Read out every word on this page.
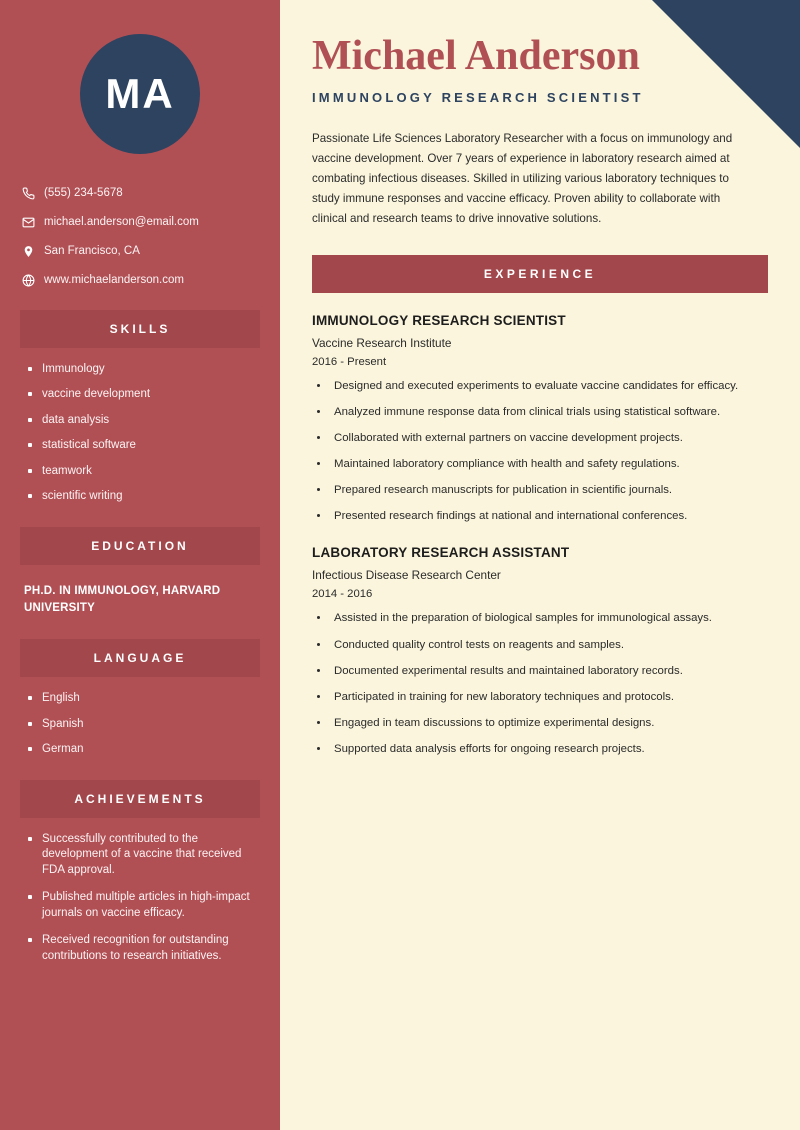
MA
(555) 234-5678
michael.anderson@email.com
San Francisco, CA
www.michaelanderson.com
SKILLS
Immunology
vaccine development
data analysis
statistical software
teamwork
scientific writing
EDUCATION
PH.D. IN IMMUNOLOGY, HARVARD UNIVERSITY
LANGUAGE
English
Spanish
German
ACHIEVEMENTS
Successfully contributed to the development of a vaccine that received FDA approval.
Published multiple articles in high-impact journals on vaccine efficacy.
Received recognition for outstanding contributions to research initiatives.
Michael Anderson
IMMUNOLOGY RESEARCH SCIENTIST

Passionate Life Sciences Laboratory Researcher with a focus on immunology and vaccine development. Over 7 years of experience in laboratory research aimed at combating infectious diseases. Skilled in utilizing various laboratory techniques to study immune responses and vaccine efficacy. Proven ability to collaborate with clinical and research teams to drive innovative solutions.

EXPERIENCE
IMMUNOLOGY RESEARCH SCIENTIST
Vaccine Research Institute
2016 - Present
• Designed and executed experiments to evaluate vaccine candidates for efficacy.
• Analyzed immune response data from clinical trials using statistical software.
• Collaborated with external partners on vaccine development projects.
• Maintained laboratory compliance with health and safety regulations.
• Prepared research manuscripts for publication in scientific journals.
• Presented research findings at national and international conferences.
LABORATORY RESEARCH ASSISTANT
Infectious Disease Research Center
2014 - 2016
• Assisted in the preparation of biological samples for immunological assays.
• Conducted quality control tests on reagents and samples.
• Documented experimental results and maintained laboratory records.
• Participated in training for new laboratory techniques and protocols.
• Engaged in team discussions to optimize experimental designs.
• Supported data analysis efforts for ongoing research projects.
